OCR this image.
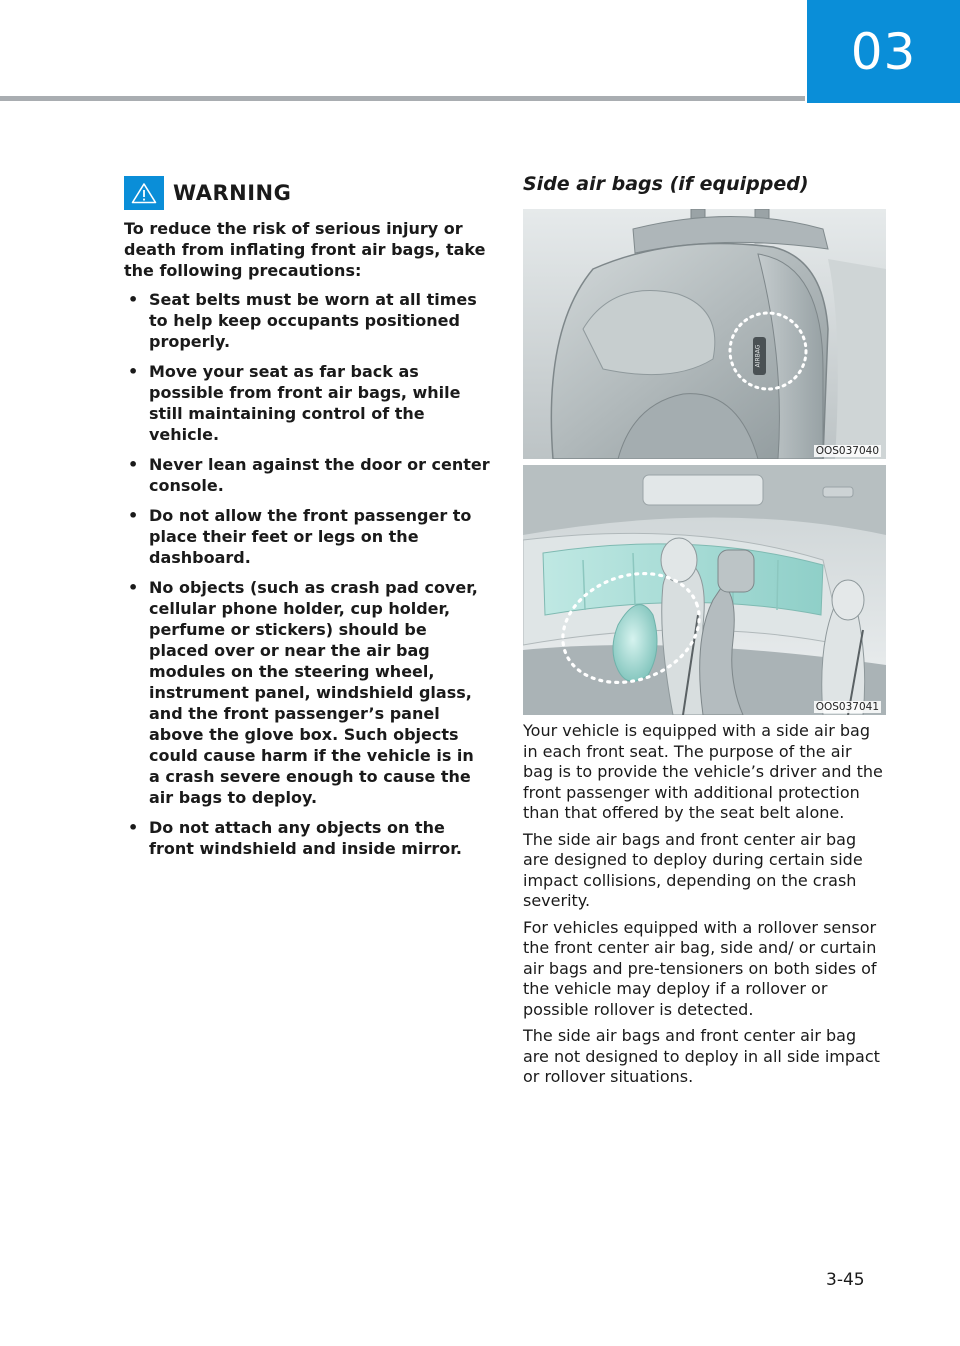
03
WARNING

To reduce the risk of serious injury or death from inflating front air bags, take the following precautions:

• Seat belts must be worn at all times to help keep occupants positioned properly.
• Move your seat as far back as possible from front air bags, while still maintaining control of the vehicle.
• Never lean against the door or center console.
• Do not allow the front passenger to place their feet or legs on the dashboard.
• No objects (such as crash pad cover, cellular phone holder, cup holder, perfume or stickers) should be placed over or near the air bag modules on the steering wheel, instrument panel, windshield glass, and the front passenger’s panel above the glove box. Such objects could cause harm if the vehicle is in a crash severe enough to cause the air bags to deploy.
• Do not attach any objects on the front windshield and inside mirror.
Side air bags (if equipped)
AIRBAG
OOS037040
OOS037041

Your vehicle is equipped with a side air bag in each front seat. The purpose of the air bag is to provide the vehicle’s driver and the front passenger with additional protection than that offered by the seat belt alone.

The side air bags and front center air bag are designed to deploy during certain side impact collisions, depending on the crash severity.

For vehicles equipped with a rollover sensor the front center air bag, side and/ or curtain air bags and pre-tensioners on both sides of the vehicle may deploy if a rollover or possible rollover is detected.

The side air bags and front center air bag are not designed to deploy in all side impact or rollover situations.

3-45
